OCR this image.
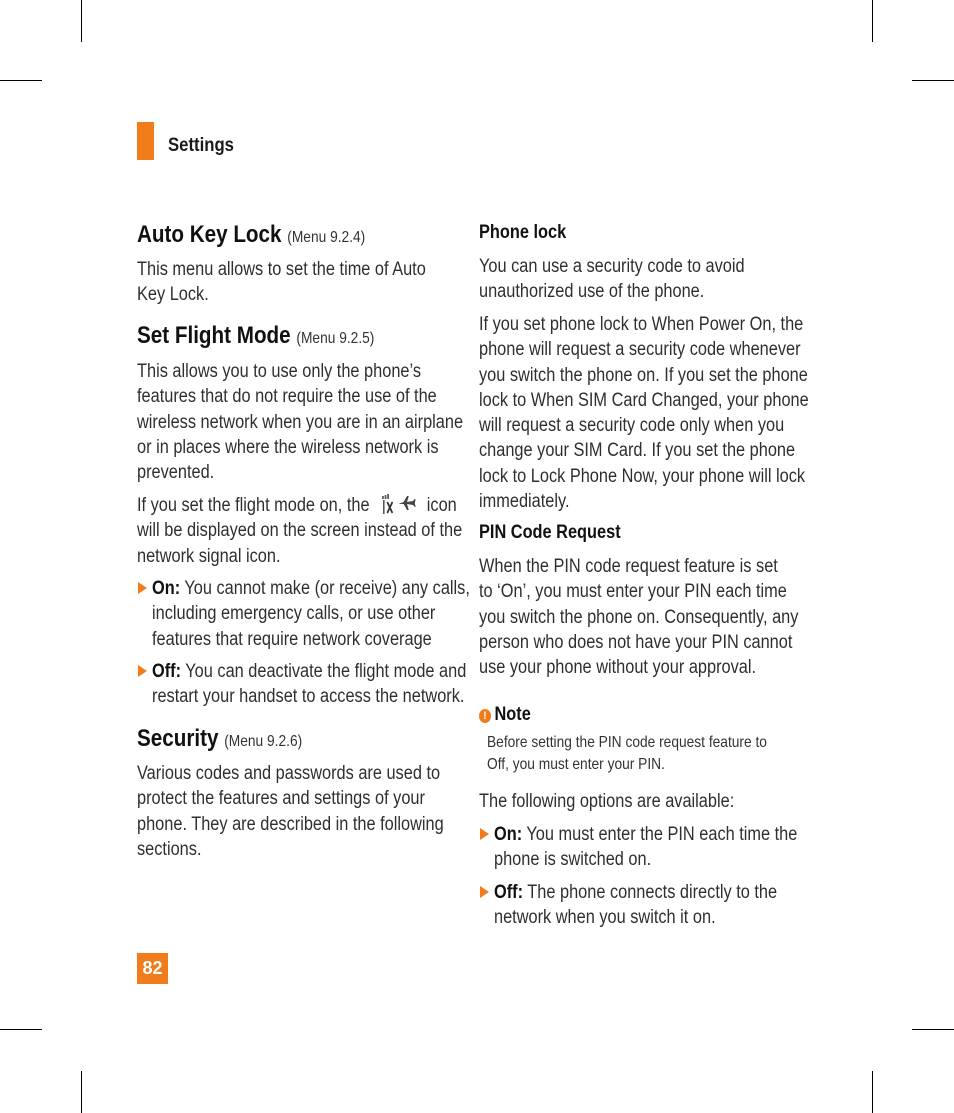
Settings
Auto Key Lock (Menu 9.2.4)
This menu allows to set the time of Auto
Key Lock.
Set Flight Mode (Menu 9.2.5)
This allows you to use only the phone’s
features that do not require the use of the
wireless network when you are in an airplane
or in places where the wireless network is
prevented.
If you set the flight mode on, the	icon
will be displayed on the screen instead of the
network signal icon.
On: You cannot make (or receive) any calls,
including emergency calls, or use other
features that require network coverage
Off: You can deactivate the flight mode and
restart your handset to access the network.
Security (Menu 9.2.6)
Various codes and passwords are used to
protect the features and settings of your
phone. They are described in the following
sections.
Phone lock
You can use a security code to avoid
unauthorized use of the phone.
If you set phone lock to When Power On, the
phone will request a security code whenever
you switch the phone on. If you set the phone
lock to When SIM Card Changed, your phone
will request a security code only when you
change your SIM Card. If you set the phone
lock to Lock Phone Now, your phone will lock
immediately.
PIN Code Request
When the PIN code request feature is set
to ‘On’, you must enter your PIN each time
you switch the phone on. Consequently, any
person who does not have your PIN cannot
use your phone without your approval.
! Note
Before setting the PIN code request feature to
Off, you must enter your PIN.
The following options are available:
On: You must enter the PIN each time the
phone is switched on.
Off: The phone connects directly to the
network when you switch it on.
82
